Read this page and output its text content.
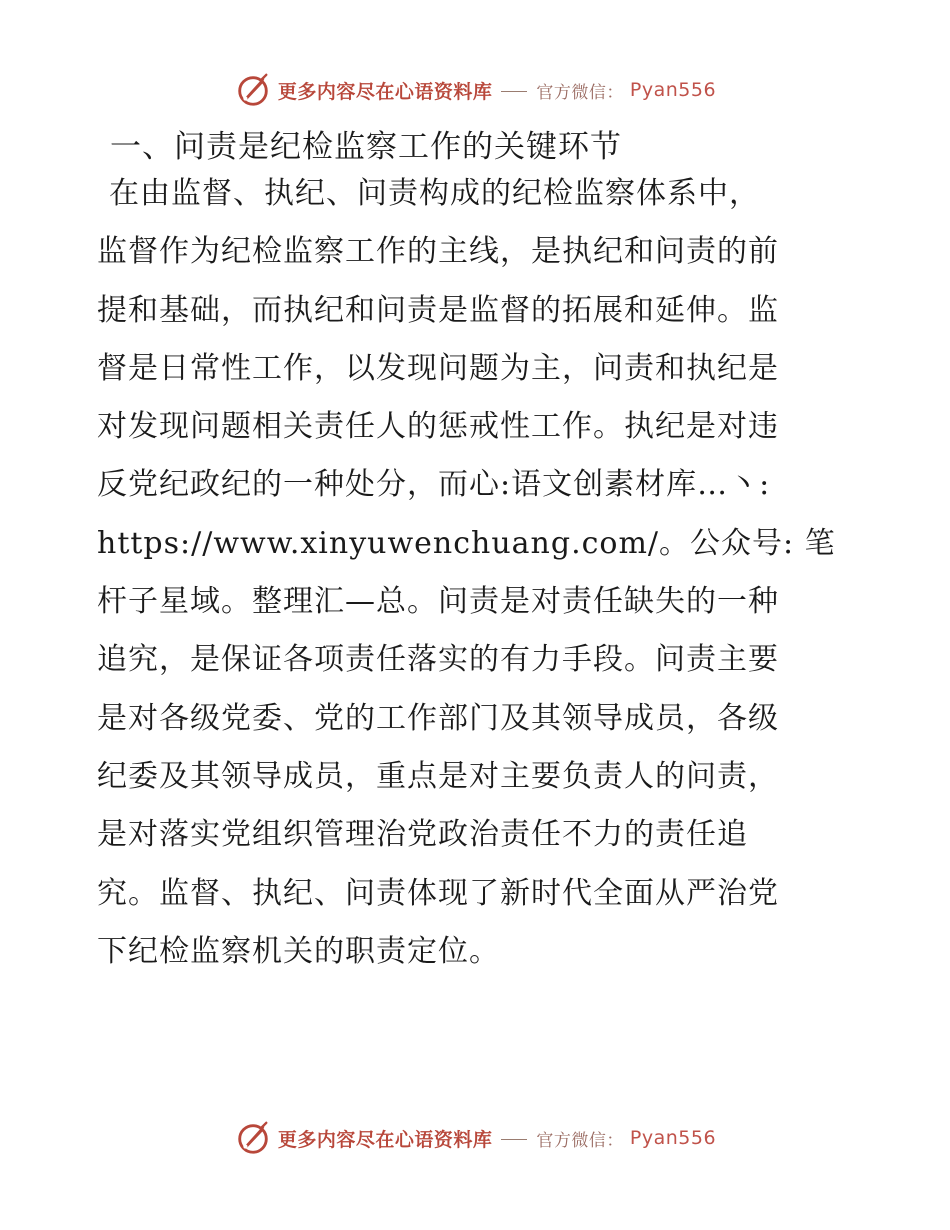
更多内容尽在心语资料库	官方微信： Pyan556
一、问责是纪检监察工作的关键环节
在由监督、执纪、问责构成的纪检监察体系中，
监督作为纪检监察工作的主线，是执纪和问责的前
提和基础，而执纪和问责是监督的拓展和延伸。监
督是日常性工作，以发现问题为主，问责和执纪是
对发现问题相关责任人的惩戒性工作。执纪是对违
反党纪政纪的一种处分，而心:语文创素材库…丶:
https://www.xinyuwenchuang.com/。公众号: 笔
杆子星域。整理汇—总。问责是对责任缺失的一种
追究，是保证各项责任落实的有力手段。问责主要
是对各级党委、党的工作部门及其领导成员，各级
纪委及其领导成员，重点是对主要负责人的问责，
是对落实党组织管理治党政治责任不力的责任追
究。监督、执纪、问责体现了新时代全面从严治党
下纪检监察机关的职责定位。
更多内容尽在心语资料库	官方微信： Pyan556
